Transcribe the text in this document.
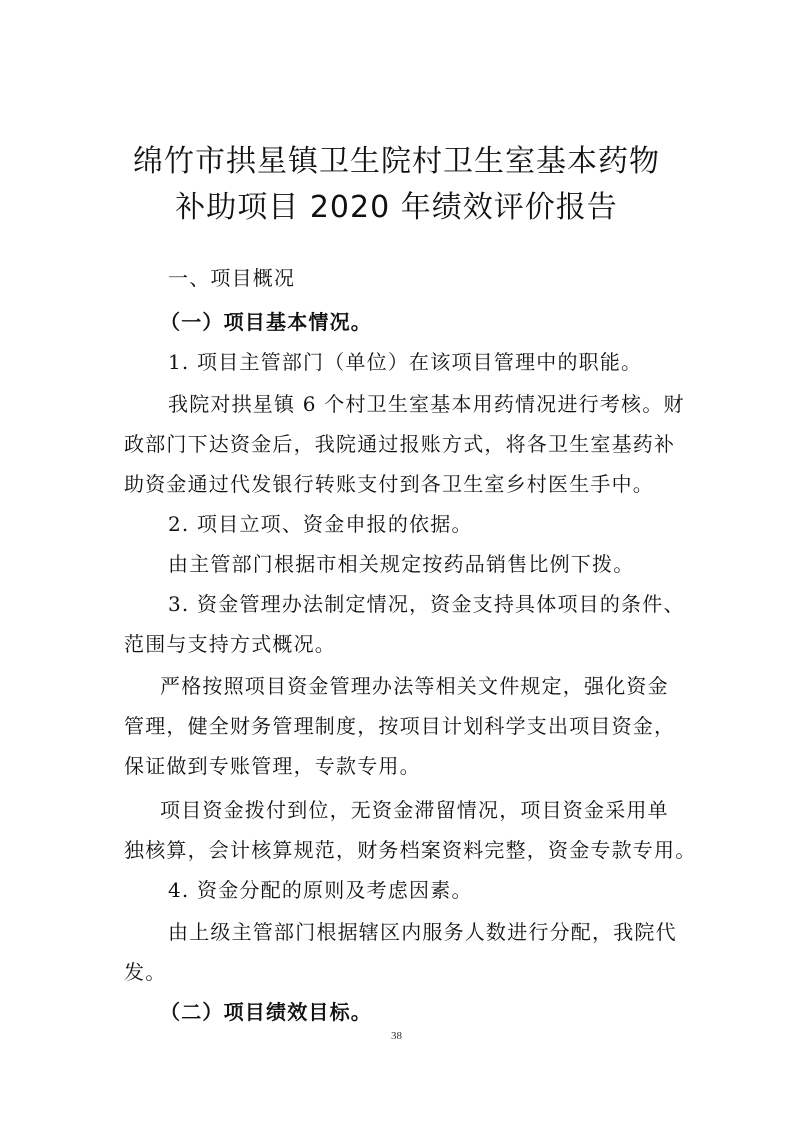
绵竹市拱星镇卫生院村卫生室基本药物
补助项目 2020 年绩效评价报告
一、项目概况
（一）项目基本情况。
1. 项目主管部门（单位）在该项目管理中的职能。
我院对拱星镇 6 个村卫生室基本用药情况进行考核。财
政部门下达资金后，我院通过报账方式，将各卫生室基药补
助资金通过代发银行转账支付到各卫生室乡村医生手中。
2. 项目立项、资金申报的依据。
由主管部门根据市相关规定按药品销售比例下拨。
3. 资金管理办法制定情况，资金支持具体项目的条件、
范围与支持方式概况。
严格按照项目资金管理办法等相关文件规定，强化资金
管理，健全财务管理制度，按项目计划科学支出项目资金，
保证做到专账管理，专款专用。
项目资金拨付到位，无资金滞留情况，项目资金采用单
独核算，会计核算规范，财务档案资料完整，资金专款专用。
4. 资金分配的原则及考虑因素。
由上级主管部门根据辖区内服务人数进行分配，我院代
发。
（二）项目绩效目标。
38
